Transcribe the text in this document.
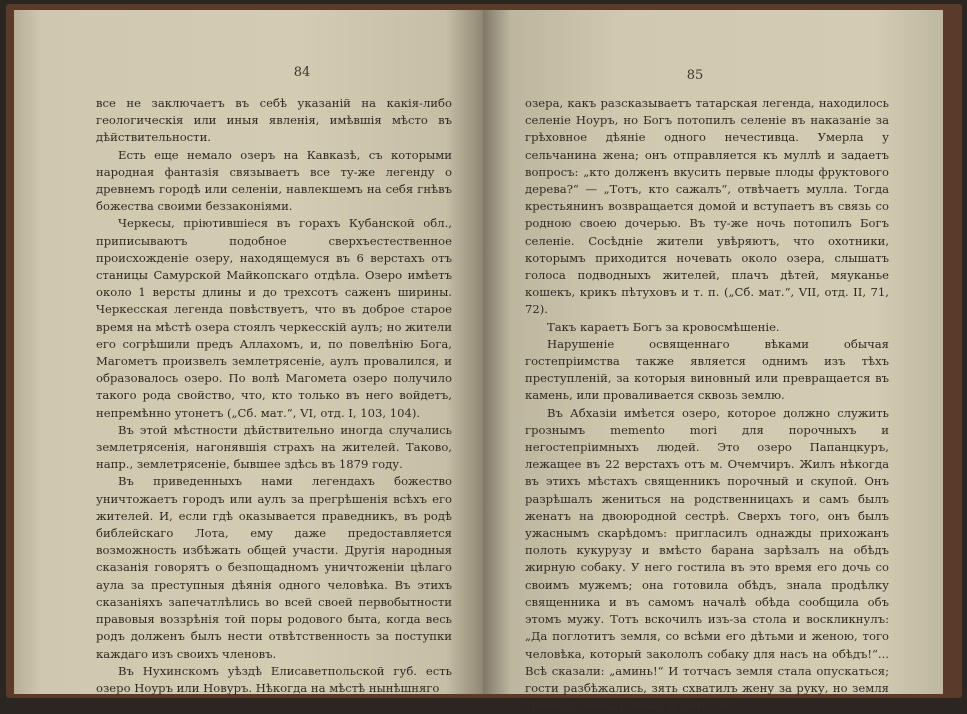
84

все не заключаетъ въ себѣ указаній на какія-либо геологическія или иныя явленія, имѣвшія мѣсто въ дѣйствительности.

Есть еще немало озеръ на Кавказѣ, съ которыми народная фантазія связываетъ все ту-же легенду о древнемъ городѣ или селеніи, навлекшемъ на себя гнѣвъ божества своими беззаконіями.

Черкесы, пріютившіеся въ горахъ Кубанской обл., приписываютъ подобное сверхъестественное происхожденіе озеру, находящемуся въ 6 верстахъ отъ станицы Самурской Майкопскаго отдѣла. Озеро имѣетъ около 1 версты длины и до трехсотъ саженъ ширины. Черкесская легенда повѣствуетъ, что въ доброе старое время на мѣстѣ озера стоялъ черкесскій аулъ; но жители его согрѣшили предъ Аллахомъ, и, по повелѣнію Бога, Магометъ произвелъ землетрясеніе, аулъ провалился, и образовалось озеро. По волѣ Магомета озеро получило такого рода свойство, что, кто только въ него войдетъ, непремѣнно утонетъ („Сб. мат.“, VI, отд. I, 103, 104).

Въ этой мѣстности дѣйствительно иногда случались землетрясенія, нагонявшія страхъ на жителей. Таково, напр., землетрясеніе, бывшее здѣсь въ 1879 году.

Въ приведенныхъ нами легендахъ божество уничтожаетъ городъ или аулъ за прегрѣшенія всѣхъ его жителей. И, если гдѣ оказывается праведникъ, въ родѣ библейскаго Лота, ему даже предоставляется возможность избѣжать общей участи. Другія народныя сказанія говорятъ о безпощадномъ уничтоженіи цѣлаго аула за преступныя дѣянія одного человѣка. Въ этихъ сказаніяхъ запечатлѣлись во всей своей первобытности правовыя воззрѣнія той поры родового быта, когда весь родъ долженъ былъ нести отвѣтственность за поступки каждаго изъ своихъ членовъ.

Въ Нухинскомъ уѣздѣ Елисаветпольской губ. есть озеро Ноуръ или Новуръ. Нѣкогда на мѣстѣ нынѣшняго

85

озера, какъ разсказываетъ татарская легенда, находилось селеніе Ноуръ, но Богъ потопилъ селеніе въ наказаніе за грѣховное дѣяніе одного нечестивца. Умерла у сельчанина жена; онъ отправляется къ муллѣ и задаетъ вопросъ: „кто долженъ вкусить первые плоды фруктового дерева?“ — „Тотъ, кто сажалъ“, отвѣчаетъ мулла. Тогда крестьянинъ возвращается домой и вступаетъ въ связь со родною своею дочерью. Въ ту-же ночь потопилъ Богъ селеніе. Сосѣдніе жители увѣряютъ, что охотники, которымъ приходится ночевать около озера, слышатъ голоса подводныхъ жителей, плачъ дѣтей, мяуканье кошекъ, крикъ пѣтуховъ и т. п. („Сб. мат.“, VII, отд. II, 71, 72).

Такъ караетъ Богъ за кровосмѣшеніе.

Нарушеніе освященнаго вѣками обычая гостепріимства также является однимъ изъ тѣхъ преступленій, за которыя виновный или превращается въ камень, или проваливается сквозь землю.

Въ Абхазіи имѣется озеро, которое должно служить грознымъ memento mori для порочныхъ и негостепріимныхъ людей. Это озеро Папанцкуръ, лежащее въ 22 верстахъ отъ м. Очемчиръ. Жилъ нѣкогда въ этихъ мѣстахъ священникъ порочный и скупой. Онъ разрѣшалъ жениться на родственницахъ и самъ былъ женатъ на двоюродной сестрѣ. Сверхъ того, онъ былъ ужаснымъ скарѣдомъ: пригласилъ однажды прихожанъ полоть кукурузу и вмѣсто барана зарѣзалъ на обѣдъ жирную собаку. У него гостила въ это время его дочь со своимъ мужемъ; она готовила обѣдъ, знала продѣлку священника и въ самомъ началѣ обѣда сообщила объ этомъ мужу. Тотъ вскочилъ изъ-за стола и воскликнулъ: „Да поглотитъ земля, со всѣми его дѣтьми и женою, того человѣка, который закололъ собаку для насъ на обѣдъ!“... Всѣ сказали: „аминь!“ И тотчасъ земля стала опускаться; гости разбѣжались, зять схватилъ жену за руку, но земля треснула между ними, и дочь свя-
